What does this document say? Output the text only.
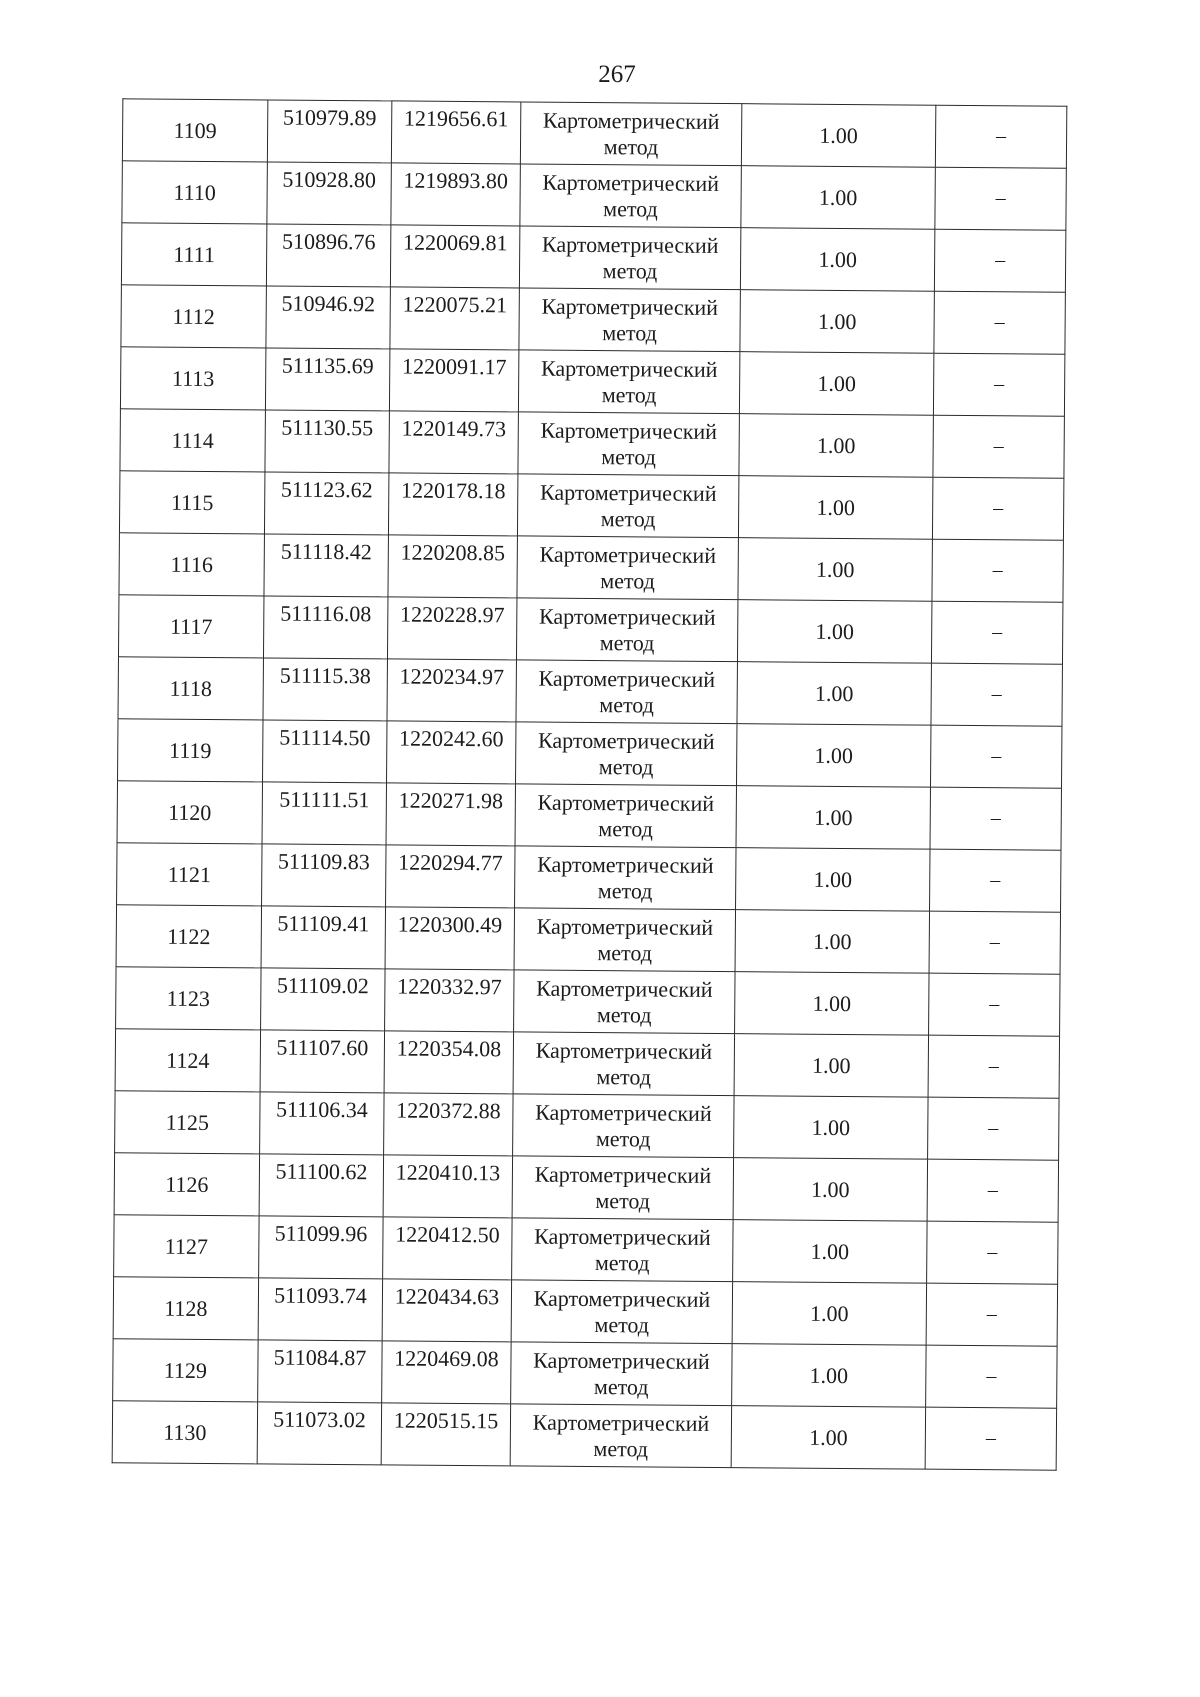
267
1109	510979.89	1219656.61	Картометрический метод	1.00	–
1110	510928.80	1219893.80	Картометрический метод	1.00	–
1111	510896.76	1220069.81	Картометрический метод	1.00	–
1112	510946.92	1220075.21	Картометрический метод	1.00	–
1113	511135.69	1220091.17	Картометрический метод	1.00	–
1114	511130.55	1220149.73	Картометрический метод	1.00	–
1115	511123.62	1220178.18	Картометрический метод	1.00	–
1116	511118.42	1220208.85	Картометрический метод	1.00	–
1117	511116.08	1220228.97	Картометрический метод	1.00	–
1118	511115.38	1220234.97	Картометрический метод	1.00	–
1119	511114.50	1220242.60	Картометрический метод	1.00	–
1120	511111.51	1220271.98	Картометрический метод	1.00	–
1121	511109.83	1220294.77	Картометрический метод	1.00	–
1122	511109.41	1220300.49	Картометрический метод	1.00	–
1123	511109.02	1220332.97	Картометрический метод	1.00	–
1124	511107.60	1220354.08	Картометрический метод	1.00	–
1125	511106.34	1220372.88	Картометрический метод	1.00	–
1126	511100.62	1220410.13	Картометрический метод	1.00	–
1127	511099.96	1220412.50	Картометрический метод	1.00	–
1128	511093.74	1220434.63	Картометрический метод	1.00	–
1129	511084.87	1220469.08	Картометрический метод	1.00	–
1130	511073.02	1220515.15	Картометрический метод	1.00	–
